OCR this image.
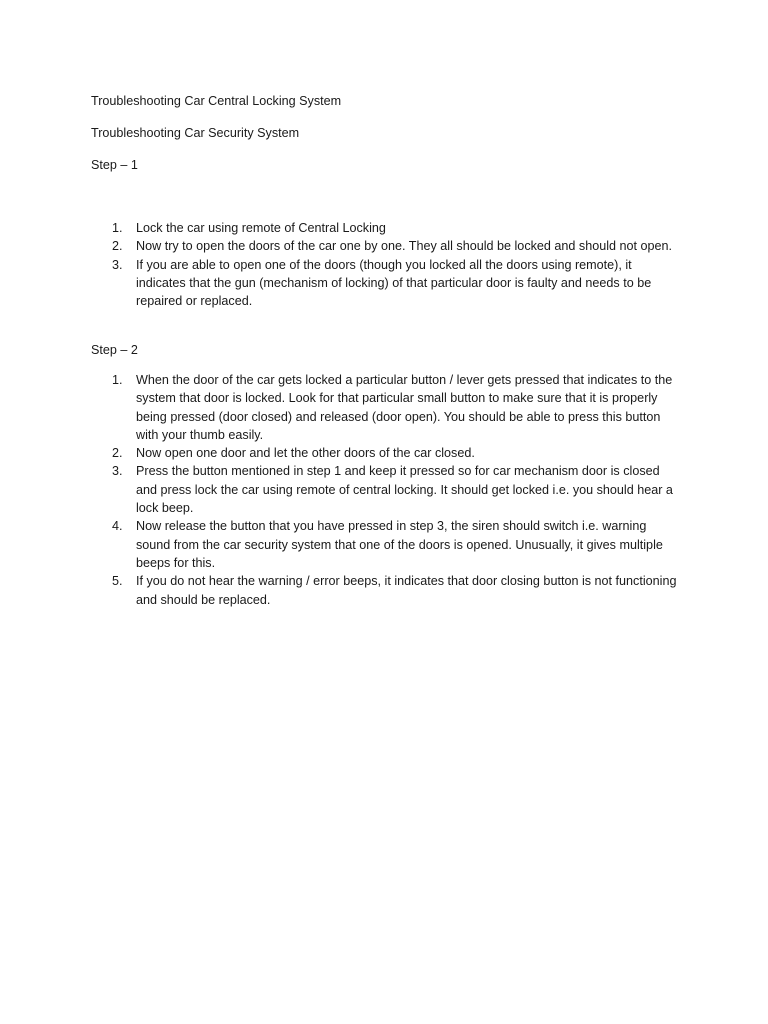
Troubleshooting Car Central Locking System

Troubleshooting Car Security System

Step – 1

1.	Lock the car using remote of Central Locking
2.	Now try to open the doors of the car one by one. They all should be locked and should not open.
3.	If you are able to open one of the doors (though you locked all the doors using remote), it indicates that the gun (mechanism of locking) of that particular door is faulty and needs to be repaired or replaced.

Step – 2

1.	When the door of the car gets locked a particular button / lever gets pressed that indicates to the system that door is locked. Look for that particular small button to make sure that it is properly being pressed (door closed) and released (door open). You should be able to press this button with your thumb easily.
2.	Now open one door and let the other doors of the car closed.
3.	Press the button mentioned in step 1 and keep it pressed so for car mechanism door is closed and press lock the car using remote of central locking. It should get locked i.e. you should hear a lock beep.
4.	Now release the button that you have pressed in step 3, the siren should switch i.e. warning sound from the car security system that one of the doors is opened. Unusually, it gives multiple beeps for this.
5.	If you do not hear the warning / error beeps, it indicates that door closing button is not functioning and should be replaced.
